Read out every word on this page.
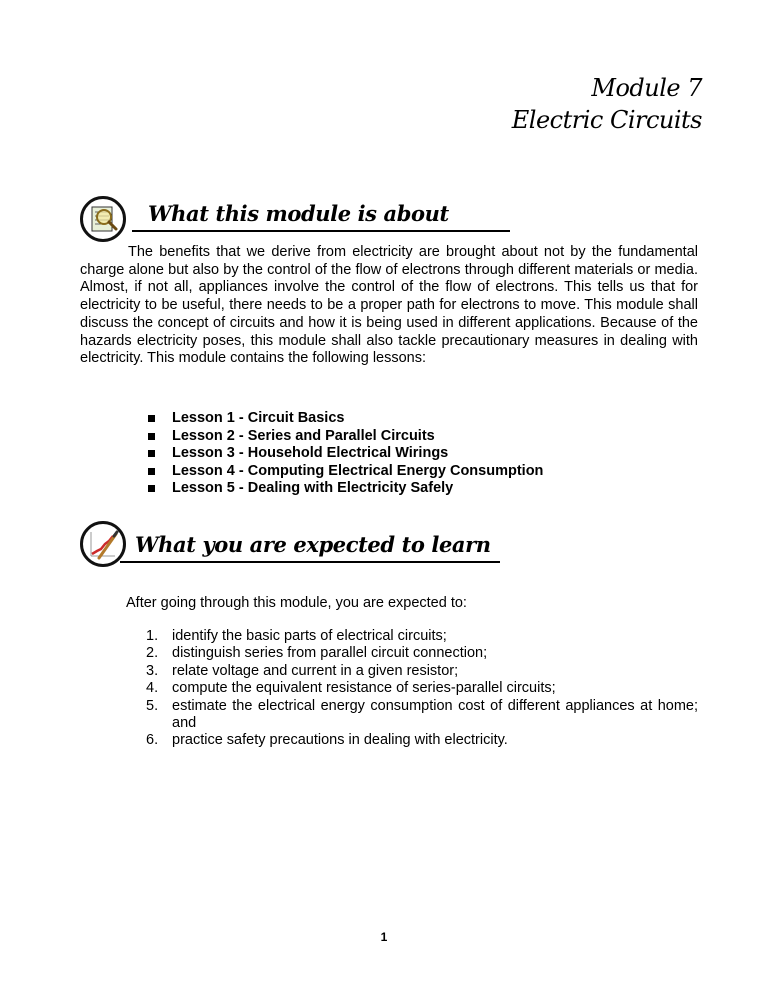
Module 7
Electric Circuits
What this module is about

The benefits that we derive from electricity are brought about not by the fundamental charge alone but also by the control of the flow of electrons through different materials or media. Almost, if not all, appliances involve the control of the flow of electrons. This tells us that for electricity to be useful, there needs to be a proper path for electrons to move. This module shall discuss the concept of circuits and how it is being used in different applications. Because of the hazards electricity poses, this module shall also tackle precautionary measures in dealing with electricity. This module contains the following lessons:

Lesson 1 - Circuit Basics
Lesson 2 - Series and Parallel Circuits
Lesson 3 - Household Electrical Wirings
Lesson 4 - Computing Electrical Energy Consumption
Lesson 5 - Dealing with Electricity Safely
What you are expected to learn

After going through this module, you are expected to:

1. identify the basic parts of electrical circuits;
2. distinguish series from parallel circuit connection;
3. relate voltage and current in a given resistor;
4. compute the equivalent resistance of series-parallel circuits;
5. estimate the electrical energy consumption cost of different appliances at home; and
6. practice safety precautions in dealing with electricity.
1
